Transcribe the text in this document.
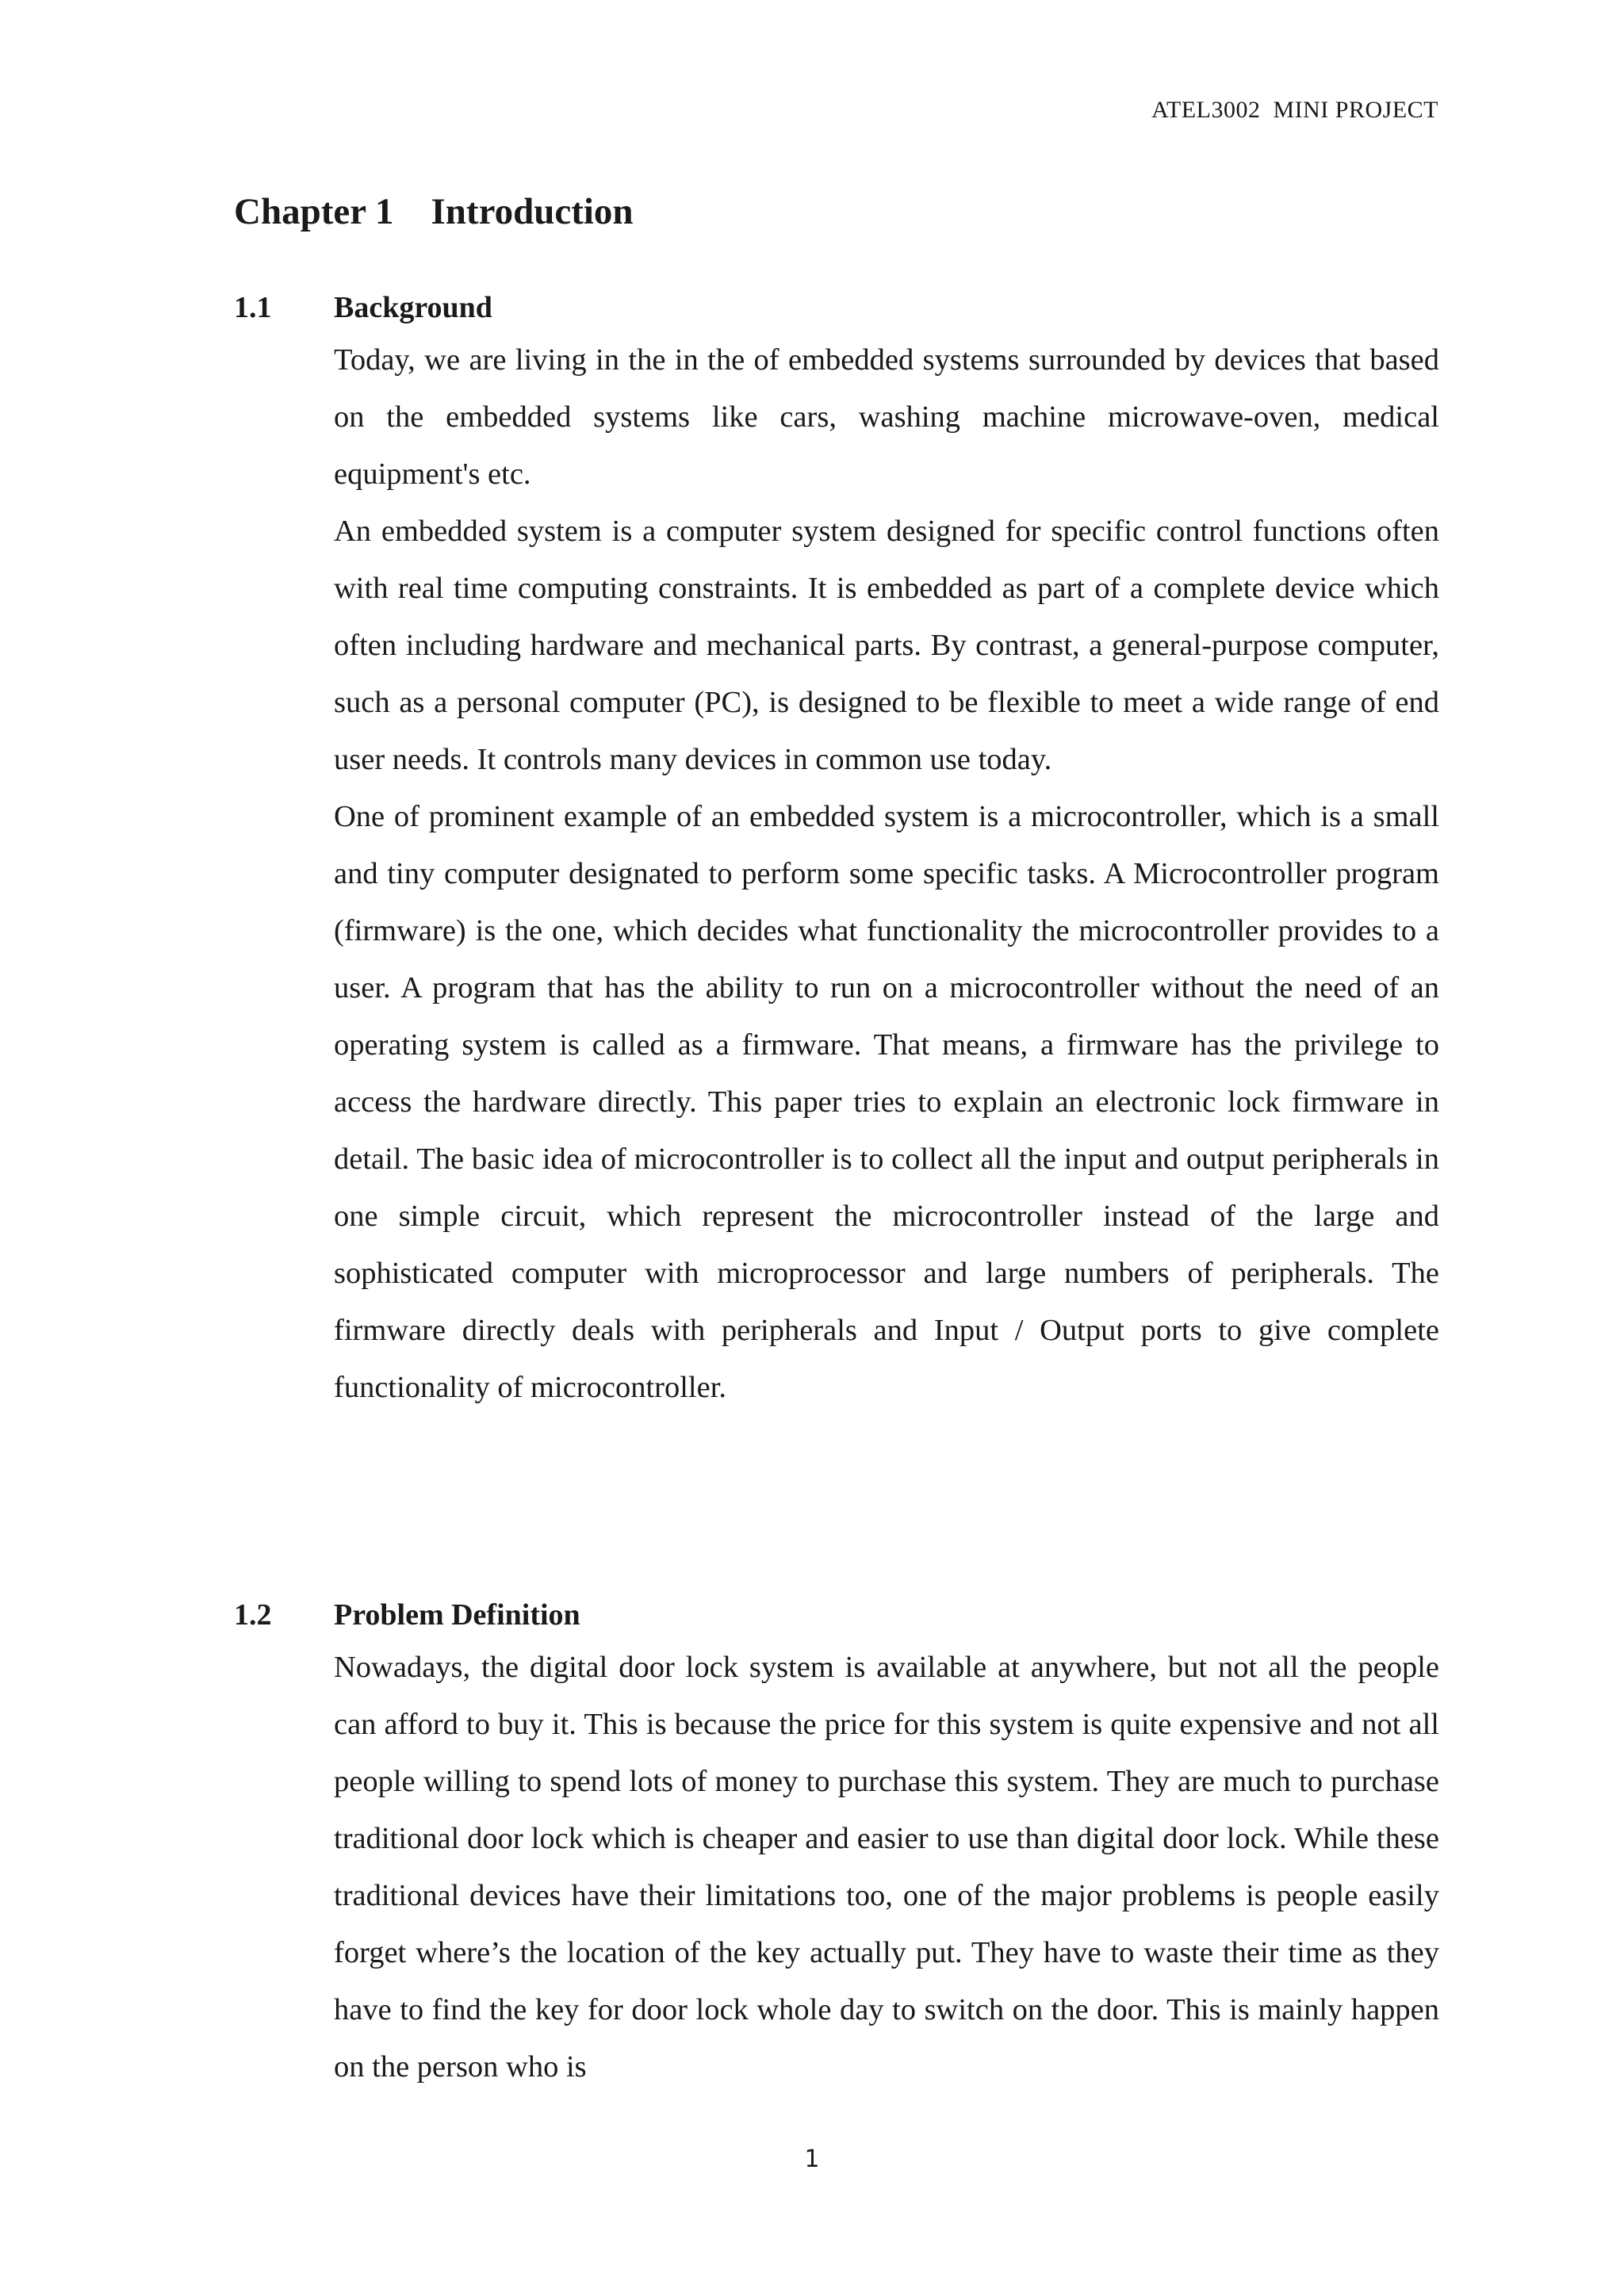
ATEL3002  MINI PROJECT
Chapter 1    Introduction
1.1	Background

Today, we are living in the in the of embedded systems surrounded by devices that based on the embedded systems like cars, washing machine microwave-oven, medical equipment's etc.

An embedded system is a computer system designed for specific control functions often with real time computing constraints. It is embedded as part of a complete device which often including hardware and mechanical parts. By contrast, a general-purpose computer, such as a personal computer (PC), is designed to be flexible to meet a wide range of end user needs. It controls many devices in common use today.

One of prominent example of an embedded system is a microcontroller, which is a small and tiny computer designated to perform some specific tasks. A Microcontroller program (firmware) is the one, which decides what functionality the microcontroller provides to a user. A program that has the ability to run on a microcontroller without the need of an operating system is called as a firmware. That means, a firmware has the privilege to access the hardware directly. This paper tries to explain an electronic lock firmware in detail. The basic idea of microcontroller is to collect all the input and output peripherals in one simple circuit, which represent the microcontroller instead of the large and sophisticated computer with microprocessor and large numbers of peripherals. The firmware directly deals with peripherals and Input / Output ports to give complete functionality of microcontroller.

1.2	Problem Definition

Nowadays, the digital door lock system is available at anywhere, but not all the people can afford to buy it. This is because the price for this system is quite expensive and not all people willing to spend lots of money to purchase this system. They are much to purchase traditional door lock which is cheaper and easier to use than digital door lock. While these traditional devices have their limitations too, one of the major problems is people easily forget where’s the location of the key actually put. They have to waste their time as they have to find the key for door lock whole day to switch on the door. This is mainly happen on the person who is

1
